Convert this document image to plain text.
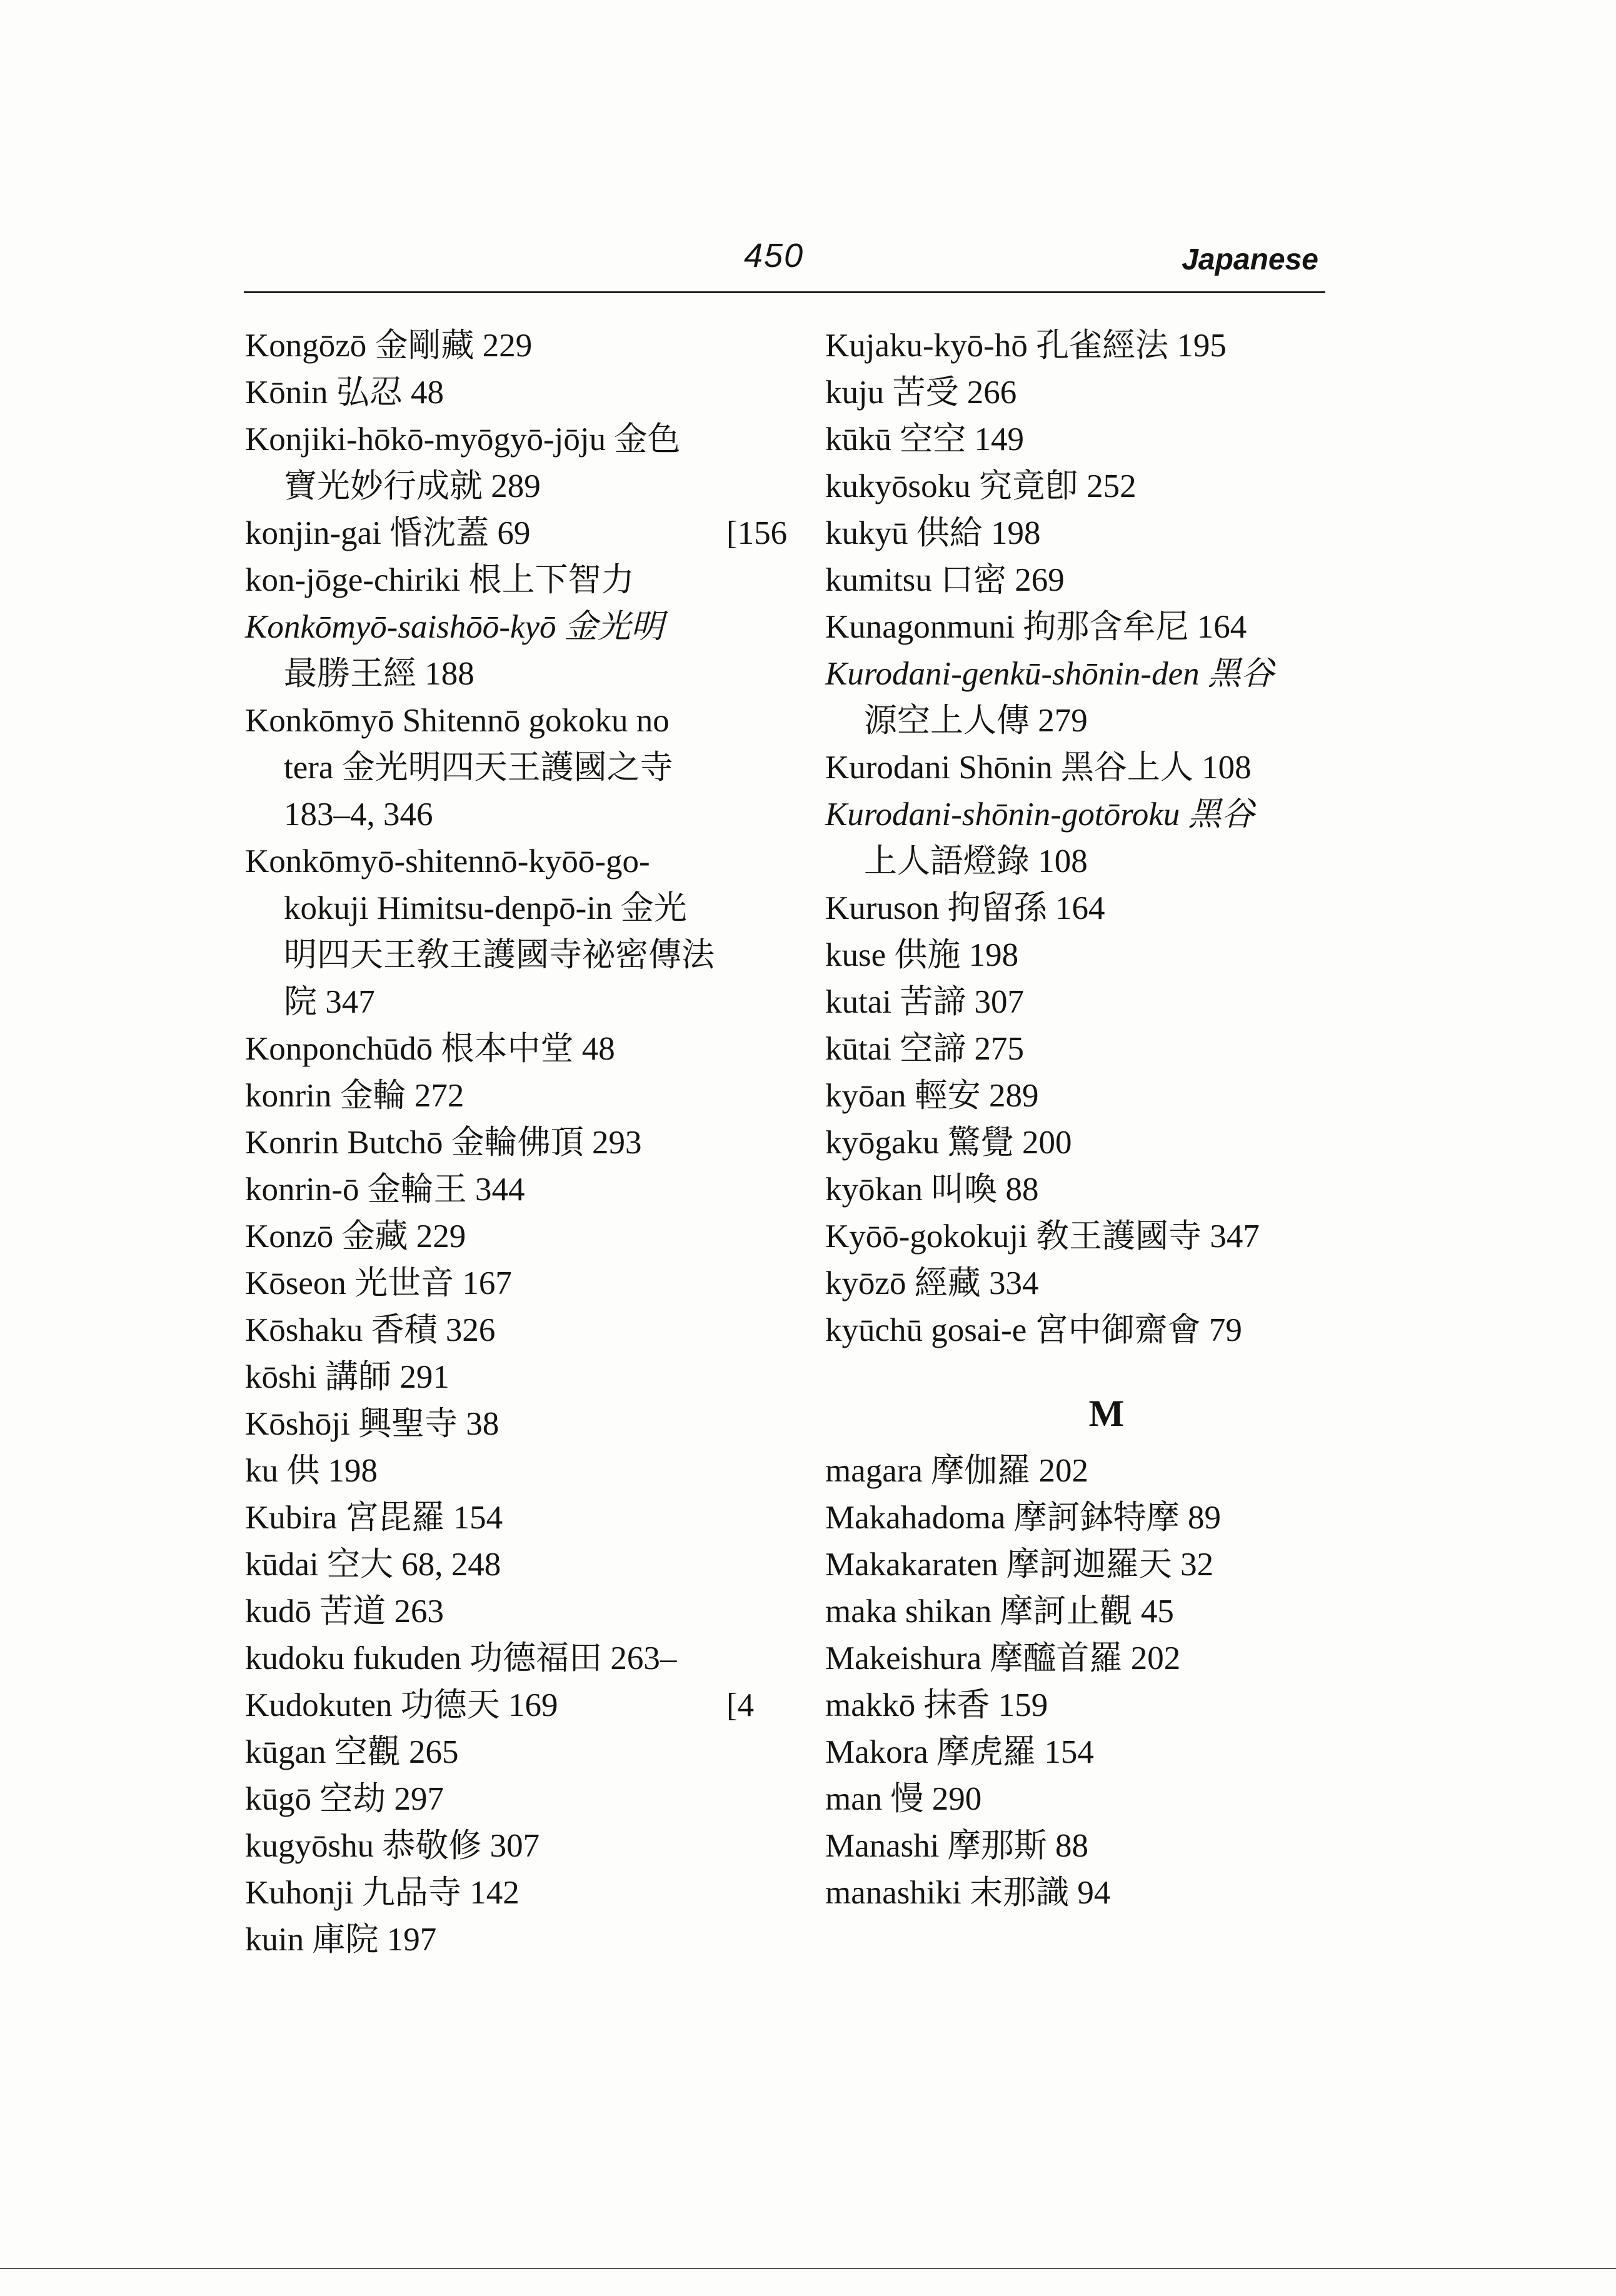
450	Japanese
Kongōzō 金剛藏 229
Kōnin 弘忍 48
Konjiki-hōkō-myōgyō-jōju 金色
寶光妙行成就 289
konjin-gai 惛沈蓋 69	[156
kon-jōge-chiriki 根上下智力
Konkōmyō-saishōō-kyō 金光明
最勝王經 188
Konkōmyō Shitennō gokoku no
tera 金光明四天王護國之寺
183–4, 346
Konkōmyō-shitennō-kyōō-go-
kokuji Himitsu-denpō-in 金光
明四天王敎王護國寺祕密傳法
院 347
Konponchūdō 根本中堂 48
konrin 金輪 272
Konrin Butchō 金輪佛頂 293
konrin-ō 金輪王 344
Konzō 金藏 229
Kōseon 光世音 167
Kōshaku 香積 326
kōshi 講師 291
Kōshōji 興聖寺 38
ku 供 198
Kubira 宮毘羅 154
kūdai 空大 68, 248
kudō 苦道 263
kudoku fukuden 功德福田 263–
Kudokuten 功德天 169	[4
kūgan 空觀 265
kūgō 空劫 297
kugyōshu 恭敬修 307
Kuhonji 九品寺 142
kuin 庫院 197
Kujaku-kyō-hō 孔雀經法 195
kuju 苦受 266
kūkū 空空 149
kukyōsoku 究竟卽 252
kukyū 供給 198
kumitsu 口密 269
Kunagonmuni 拘那含牟尼 164
Kurodani-genkū-shōnin-den 黑谷
源空上人傳 279
Kurodani Shōnin 黑谷上人 108
Kurodani-shōnin-gotōroku 黑谷
上人語燈錄 108
Kuruson 拘留孫 164
kuse 供施 198
kutai 苦諦 307
kūtai 空諦 275
kyōan 輕安 289
kyōgaku 驚覺 200
kyōkan 叫喚 88
Kyōō-gokokuji 敎王護國寺 347
kyōzō 經藏 334
kyūchū gosai-e 宮中御齋會 79
M
magara 摩伽羅 202
Makahadoma 摩訶鉢特摩 89
Makakaraten 摩訶迦羅天 32
maka shikan 摩訶止觀 45
Makeishura 摩醯首羅 202
makkō 抹香 159
Makora 摩虎羅 154
man 慢 290
Manashi 摩那斯 88
manashiki 末那識 94
